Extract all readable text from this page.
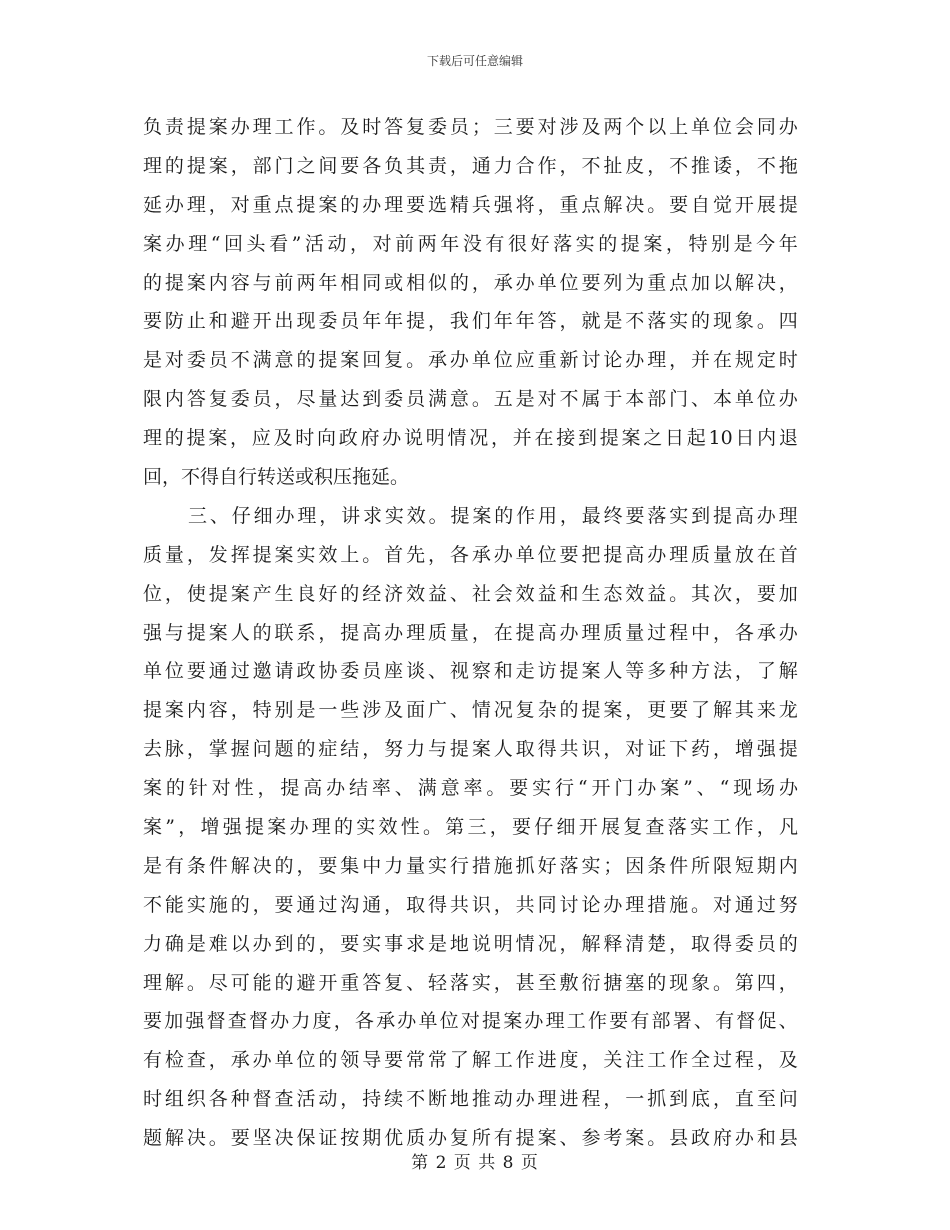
下载后可任意编辑
负 责 提 案 办 理 工 作 。 及 时 答 复 委 员 ； 三 要 对 涉 及 两 个 以 上 单 位 会 同 办
理 的 提 案 ， 部 门 之 间 要 各 负 其 责 ， 通 力 合 作 ， 不 扯 皮 ， 不 推 诿 ， 不 拖
延 办 理 ， 对 重 点 提 案 的 办 理 要 选 精 兵 强 将 ， 重 点 解 决 。 要 自 觉 开 展 提
案 办 理 “ 回 头 看 ” 活 动 ， 对 前 两 年 没 有 很 好 落 实 的 提 案 ， 特 别 是 今 年
的 提 案 内 容 与 前 两 年 相 同 或 相 似 的 ， 承 办 单 位 要 列 为 重 点 加 以 解 决 ，
要 防 止 和 避 开 出 现 委 员 年 年 提 ， 我 们 年 年 答 ， 就 是 不 落 实 的 现 象 。 四
是 对 委 员 不 满 意 的 提 案 回 复 。 承 办 单 位 应 重 新 讨 论 办 理 ， 并 在 规 定 时
限 内 答 复 委 员 ， 尽 量 达 到 委 员 满 意 。 五 是 对 不 属 于 本 部 门 、 本 单 位 办
理 的 提 案 ， 应 及 时 向 政 府 办 说 明 情 况 ， 并 在 接 到 提 案 之 日 起 10 日 内 退
回，不得自行转送或积压拖延。
三 、 仔 细 办 理 ， 讲 求 实 效 。 提 案 的 作 用 ， 最 终 要 落 实 到 提 高 办 理
质 量 ， 发 挥 提 案 实 效 上 。 首 先 ， 各 承 办 单 位 要 把 提 高 办 理 质 量 放 在 首
位 ， 使 提 案 产 生 良 好 的 经 济 效 益 、 社 会 效 益 和 生 态 效 益 。 其 次 ， 要 加
强 与 提 案 人 的 联 系 ， 提 高 办 理 质 量 ， 在 提 高 办 理 质 量 过 程 中 ， 各 承 办
单 位 要 通 过 邀 请 政 协 委 员 座 谈 、 视 察 和 走 访 提 案 人 等 多 种 方 法 ， 了 解
提 案 内 容 ， 特 别 是 一 些 涉 及 面 广 、 情 况 复 杂 的 提 案 ， 更 要 了 解 其 来 龙
去 脉 ， 掌 握 问 题 的 症 结 ， 努 力 与 提 案 人 取 得 共 识 ， 对 证 下 药 ， 增 强 提
案 的 针 对 性 ， 提 高 办 结 率 、 满 意 率 。 要 实 行 “ 开 门 办 案 ” 、 “ 现 场 办
案 ” ， 增 强 提 案 办 理 的 实 效 性 。 第 三 ， 要 仔 细 开 展 复 查 落 实 工 作 ， 凡
是 有 条 件 解 决 的 ， 要 集 中 力 量 实 行 措 施 抓 好 落 实 ； 因 条 件 所 限 短 期 内
不 能 实 施 的 ， 要 通 过 沟 通 ， 取 得 共 识 ， 共 同 讨 论 办 理 措 施 。 对 通 过 努
力 确 是 难 以 办 到 的 ， 要 实 事 求 是 地 说 明 情 况 ， 解 释 清 楚 ， 取 得 委 员 的
理 解 。 尽 可 能 的 避 开 重 答 复 、 轻 落 实 ， 甚 至 敷 衍 搪 塞 的 现 象 。 第 四 ，
要 加 强 督 查 督 办 力 度 ， 各 承 办 单 位 对 提 案 办 理 工 作 要 有 部 署 、 有 督 促 、
有 检 查 ， 承 办 单 位 的 领 导 要 常 常 了 解 工 作 进 度 ， 关 注 工 作 全 过 程 ， 及
时 组 织 各 种 督 查 活 动 ， 持 续 不 断 地 推 动 办 理 进 程 ， 一 抓 到 底 ， 直 至 问
题 解 决 。 要 坚 决 保 证 按 期 优 质 办 复 所 有 提 案 、 参 考 案 。 县 政 府 办 和 县
第 2 页 共 8 页
